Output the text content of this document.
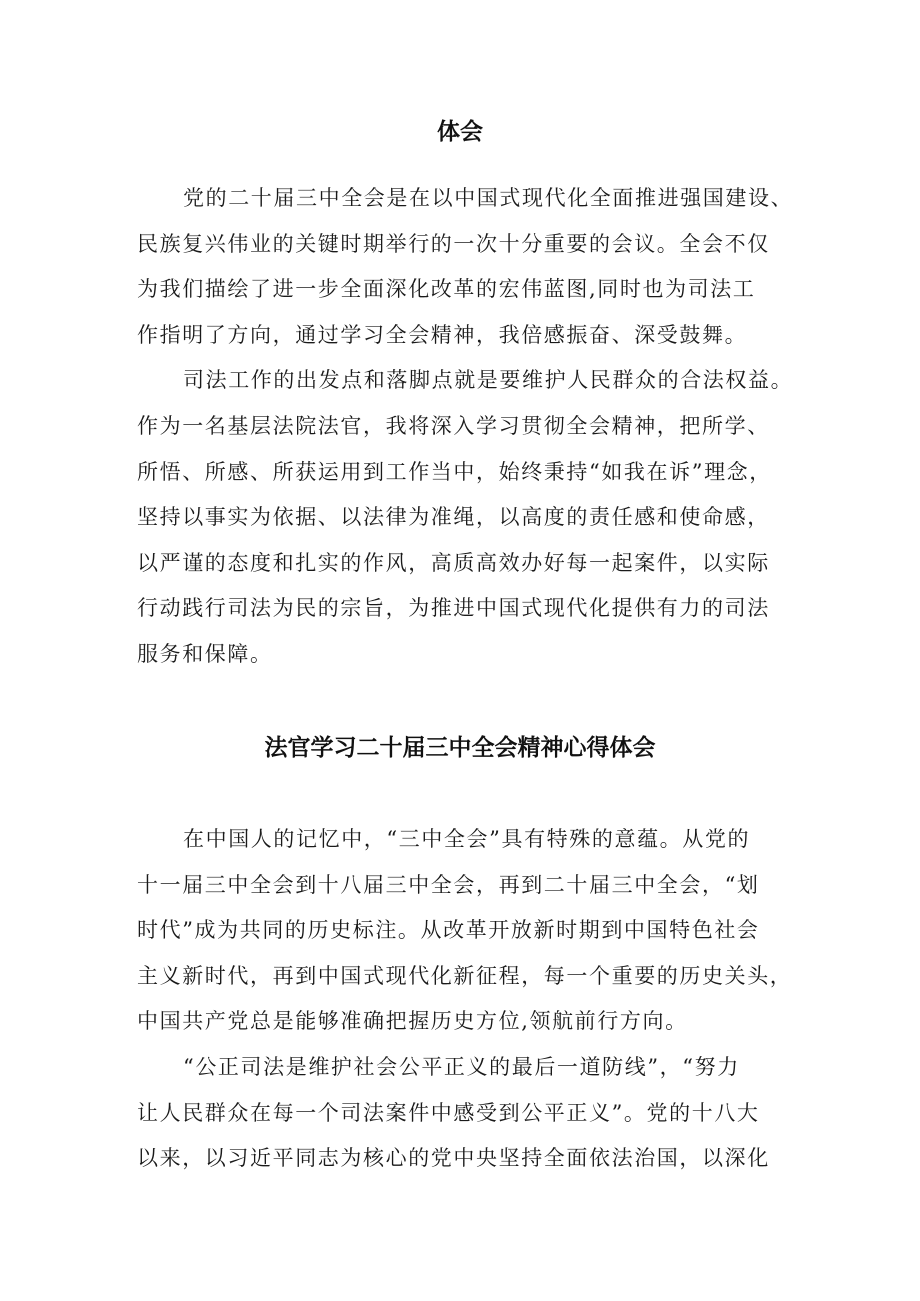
体会
党的二十届三中全会是在以中国式现代化全面推进强国建设、
民族复兴伟业的关键时期举行的一次十分重要的会议。全会不仅
为我们描绘了进一步全面深化改革的宏伟蓝图,同时也为司法工
作指明了方向，通过学习全会精神，我倍感振奋、深受鼓舞。
司法工作的出发点和落脚点就是要维护人民群众的合法权益。
作为一名基层法院法官，我将深入学习贯彻全会精神，把所学、
所悟、所感、所获运用到工作当中，始终秉持“如我在诉”理念，
坚持以事实为依据、以法律为准绳，以高度的责任感和使命感，
以严谨的态度和扎实的作风，高质高效办好每一起案件，以实际
行动践行司法为民的宗旨，为推进中国式现代化提供有力的司法
服务和保障。
法官学习二十届三中全会精神心得体会
在中国人的记忆中，“三中全会”具有特殊的意蕴。从党的
十一届三中全会到十八届三中全会，再到二十届三中全会，“划
时代”成为共同的历史标注。从改革开放新时期到中国特色社会
主义新时代，再到中国式现代化新征程，每一个重要的历史关头，
中国共产党总是能够准确把握历史方位,领航前行方向。
“公正司法是维护社会公平正义的最后一道防线”，“努力
让人民群众在每一个司法案件中感受到公平正义”。党的十八大
以来，以习近平同志为核心的党中央坚持全面依法治国，以深化
